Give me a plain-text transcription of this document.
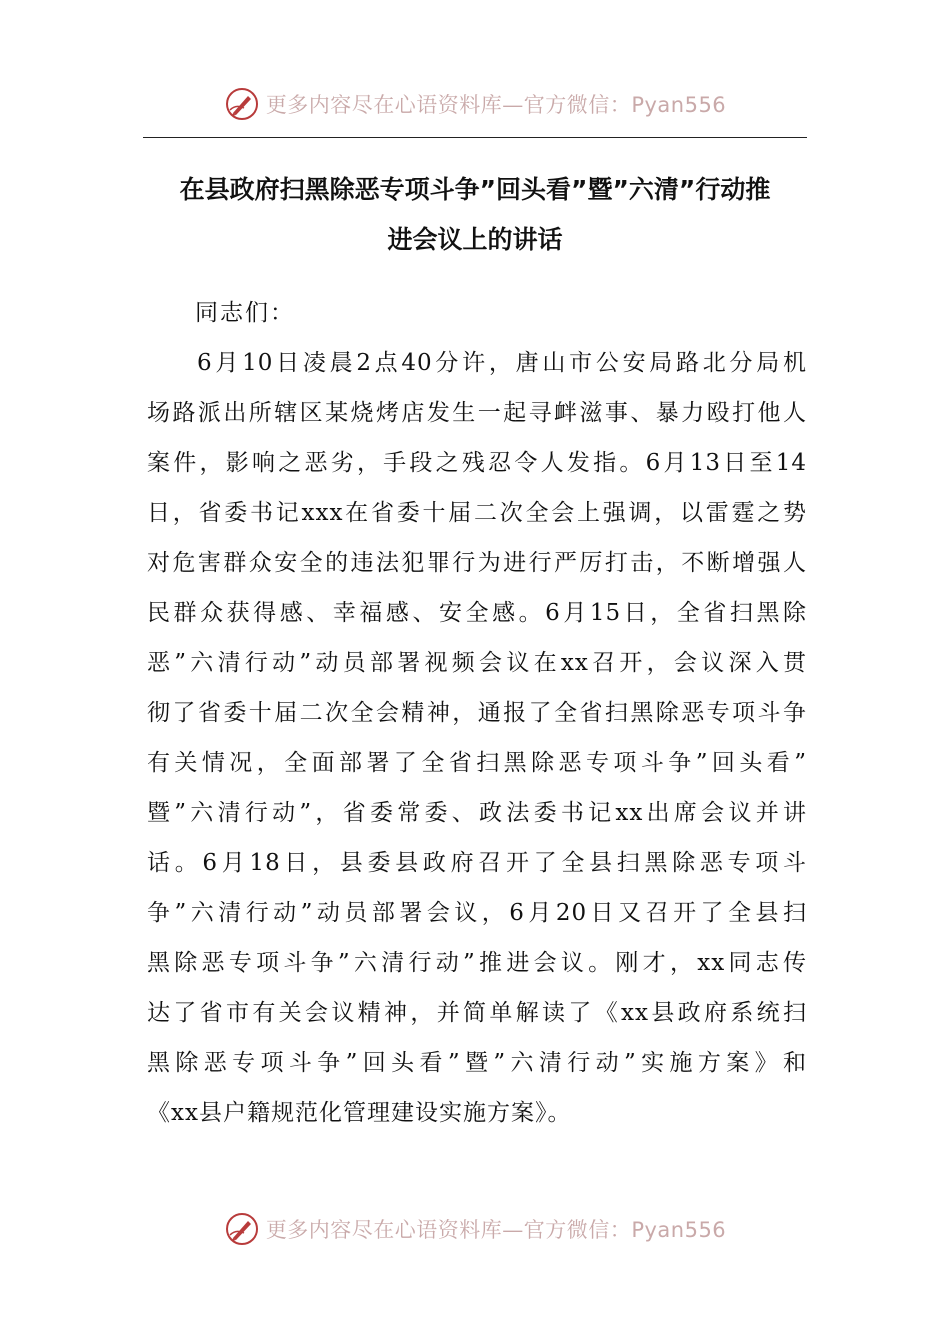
更多内容尽在心语资料库—官方微信：Pyan556
在县政府扫黑除恶专项斗争”回头看”暨”六清”行动推
进会议上的讲话
同志们：
6月10日凌晨2点40分许，唐山市公安局路北分局机
场路派出所辖区某烧烤店发生一起寻衅滋事、暴力殴打他人
案件，影响之恶劣，手段之残忍令人发指。6月13日至14
日，省委书记xxx在省委十届二次全会上强调，以雷霆之势
对危害群众安全的违法犯罪行为进行严厉打击，不断增强人
民群众获得感、幸福感、安全感。6月15日，全省扫黑除
恶”六清行动”动员部署视频会议在xx召开，会议深入贯
彻了省委十届二次全会精神，通报了全省扫黑除恶专项斗争
有关情况，全面部署了全省扫黑除恶专项斗争”回头看”
暨”六清行动”，省委常委、政法委书记xx出席会议并讲
话。6月18日，县委县政府召开了全县扫黑除恶专项斗
争”六清行动”动员部署会议，6月20日又召开了全县扫
黑除恶专项斗争”六清行动”推进会议。刚才，xx同志传
达了省市有关会议精神，并简单解读了《xx县政府系统扫
黑除恶专项斗争”回头看”暨”六清行动”实施方案》和
《xx县户籍规范化管理建设实施方案》。
更多内容尽在心语资料库—官方微信：Pyan556
